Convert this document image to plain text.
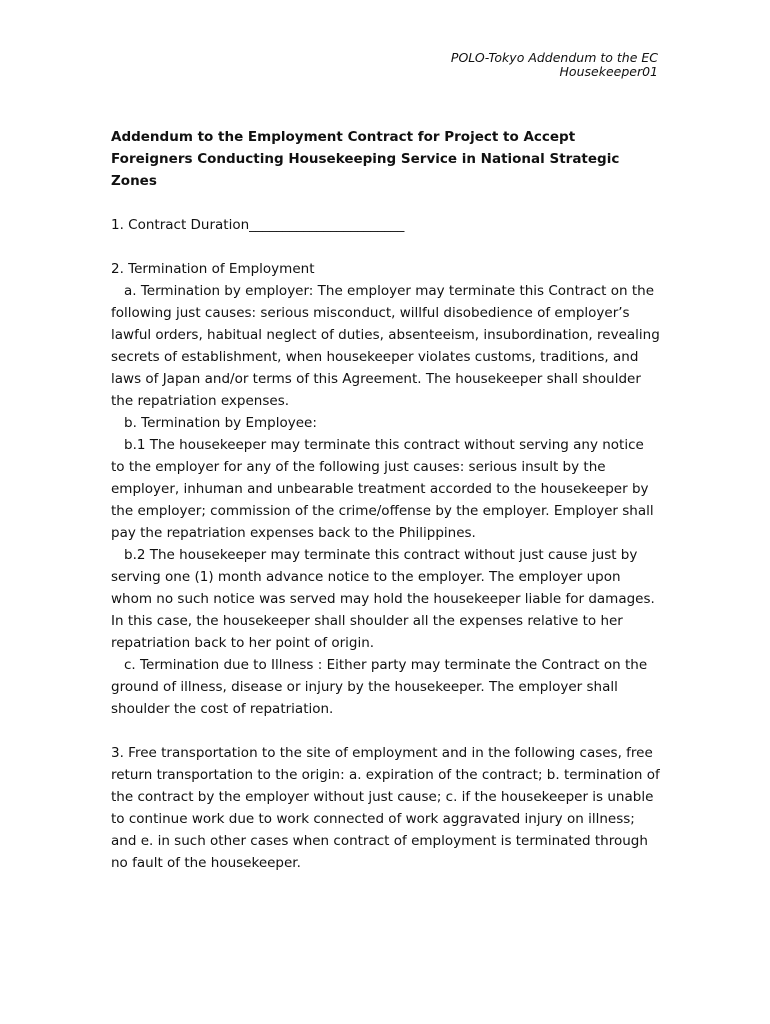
POLO-Tokyo Addendum to the EC
Housekeeper01

Addendum to the Employment Contract for Project to Accept Foreigners Conducting Housekeeping Service in National Strategic Zones

1. Contract Duration_______________________

2. Termination of Employment

a. Termination by employer: The employer may terminate this Contract on the following just causes: serious misconduct, willful disobedience of employer’s lawful orders, habitual neglect of duties, absenteeism, insubordination, revealing secrets of establishment, when housekeeper violates customs, traditions, and laws of Japan and/or terms of this Agreement. The housekeeper shall shoulder the repatriation expenses.

b. Termination by Employee:

b.1 The housekeeper may terminate this contract without serving any notice to the employer for any of the following just causes: serious insult by the employer, inhuman and unbearable treatment accorded to the housekeeper by the employer; commission of the crime/offense by the employer. Employer shall pay the repatriation expenses back to the Philippines.

b.2 The housekeeper may terminate this contract without just cause just by serving one (1) month advance notice to the employer. The employer upon whom no such notice was served may hold the housekeeper liable for damages. In this case, the housekeeper shall shoulder all the expenses relative to her repatriation back to her point of origin.

c. Termination due to Illness : Either party may terminate the Contract on the ground of illness, disease or injury by the housekeeper. The employer shall shoulder the cost of repatriation.

3. Free transportation to the site of employment and in the following cases, free return transportation to the origin: a. expiration of the contract; b. termination of the contract by the employer without just cause; c. if the housekeeper is unable to continue work due to work connected of work aggravated injury on illness; and e. in such other cases when contract of employment is terminated through no fault of the housekeeper.
